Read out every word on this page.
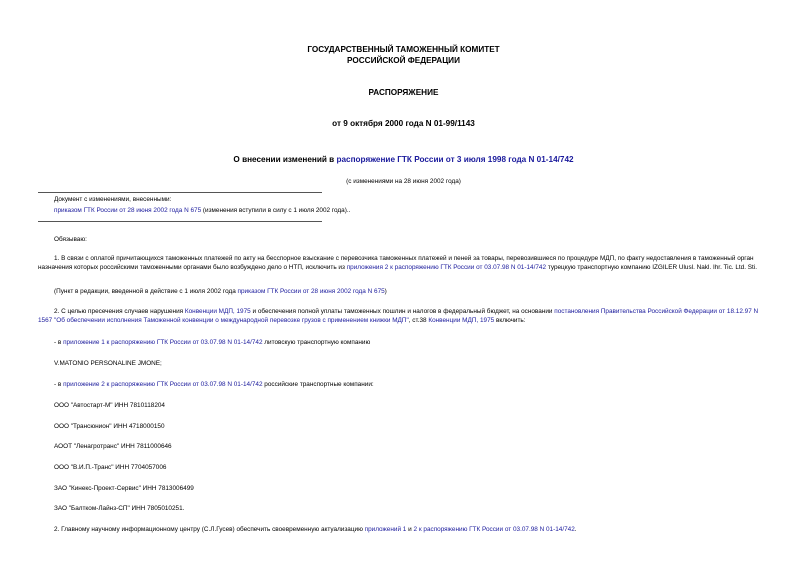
ГОСУДАРСТВЕННЫЙ ТАМОЖЕННЫЙ КОМИТЕТ
РОССИЙСКОЙ ФЕДЕРАЦИИ
РАСПОРЯЖЕНИЕ
от 9 октября 2000 года N 01-99/1143
О внесении изменений в распоряжение ГТК России от 3 июля 1998 года N 01-14/742
(с изменениями на 28 июня 2002 года)
Документ с изменениями, внесенными:
приказом ГТК России от 28 июня 2002 года N 675 (изменения вступили в силу с 1 июля 2002 года)..
Обязываю:
1. В связи с оплатой причитающихся таможенных платежей по акту на бесспорное взыскание с перевозчика таможенных платежей и пеней за товары, перевозившиеся по процедуре МДП, по факту недоставления в таможенный орган назначения которых российскими таможенными органами было возбуждено дело о НТП, исключить из приложения 2 к распоряжению ГТК России от 03.07.98 N 01-14/742 турецкую транспортную компанию IZGILER Ulusl. Nakl. Ihr. Tic. Ltd. Sti.
(Пункт в редакции, введенной в действие с 1 июля 2002 года приказом ГТК России от 28 июня 2002 года N 675)
2. С целью пресечения случаев нарушения Конвенции МДП, 1975 и обеспечения полной уплаты таможенных пошлин и налогов в федеральный бюджет, на основании постановления Правительства Российской Федерации от 18.12.97 N 1567 "Об обеспечении исполнения Таможенной конвенции о международной перевозке грузов с применением книжки МДП", ст.38 Конвенции МДП, 1975 включить:
- в приложение 1 к распоряжению ГТК России от 03.07.98 N 01-14/742 литовскую транспортную компанию
V.MATONIO PERSONALINE JMONE;
- в приложение 2 к распоряжению ГТК России от 03.07.98 N 01-14/742 российские транспортные компании:
ООО "Автостарт-М" ИНН 7810118204
ООО "Трансюнион" ИНН 4718000150
АООТ "Ленагротранс" ИНН 7811000646
ООО "В.И.П.-Транс" ИНН 7704057006
ЗАО "Кинекс-Проект-Сервис" ИНН 7813006499
ЗАО "Балтком-Лайнз-СП" ИНН 7805010251.
2. Главному научному информационному центру (С.Л.Гусев) обеспечить своевременную актуализацию приложений 1 и 2 к распоряжению ГТК России от 03.07.98 N 01-14/742.
